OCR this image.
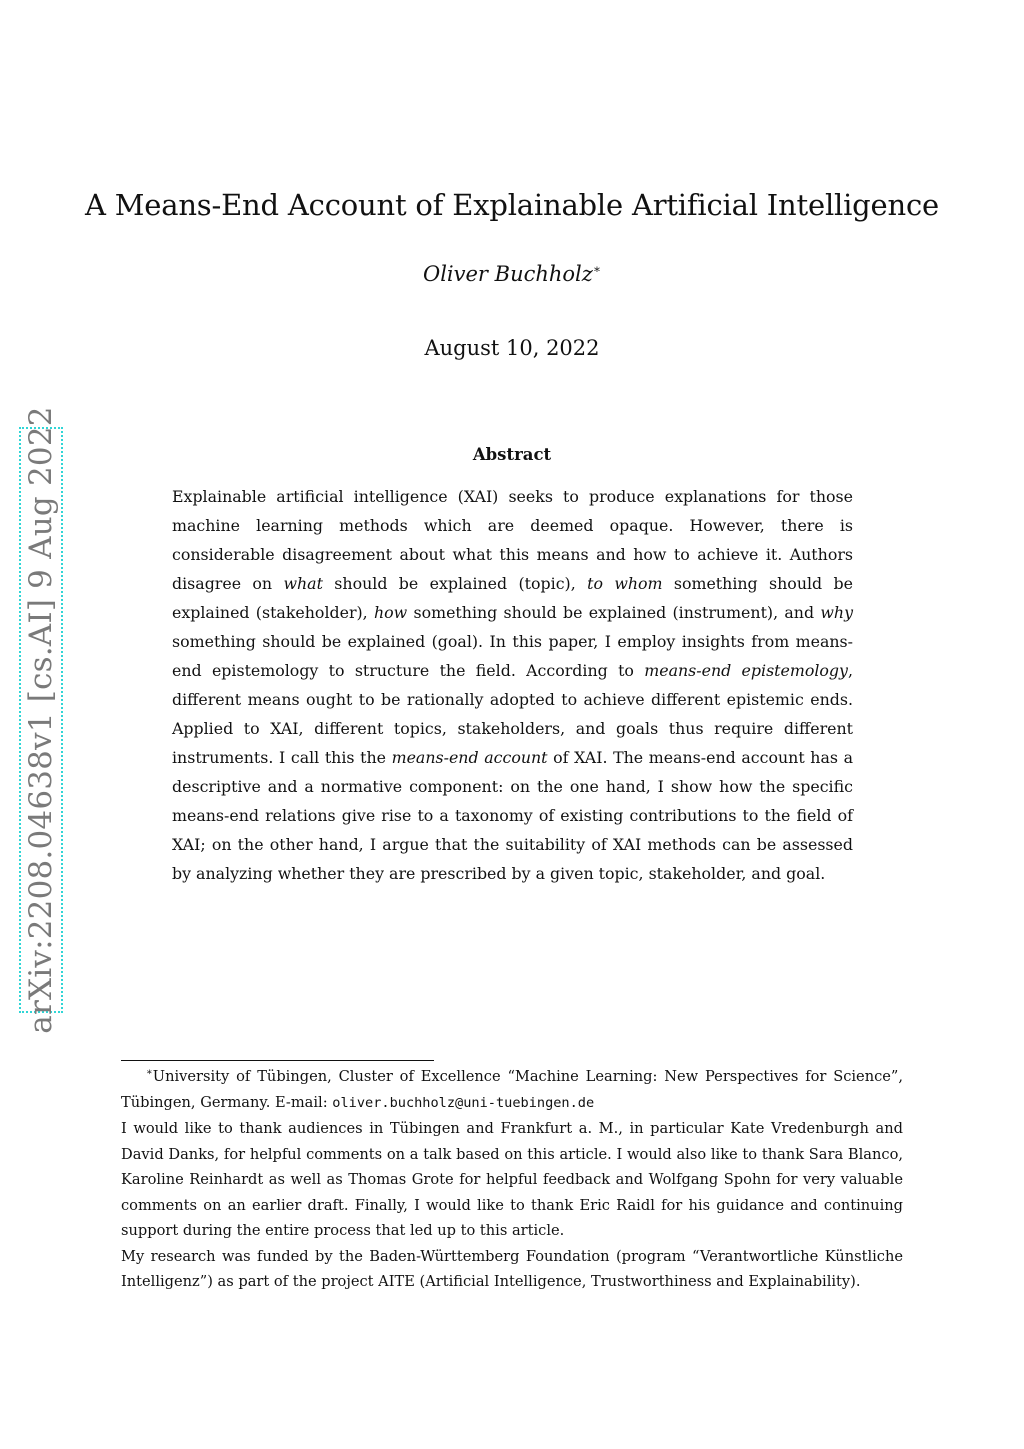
A Means-End Account of Explainable Artificial Intelligence
Oliver Buchholz∗
August 10, 2022
arXiv:2208.04638v1 [cs.AI] 9 Aug 2022	Abstract

Explainable artificial intelligence (XAI) seeks to produce explanations for those machine learning methods which are deemed opaque. However, there is considerable disagreement about what this means and how to achieve it. Authors disagree on what should be explained (topic), to whom something should be explained (stakeholder), how something should be explained (instrument), and why something should be explained (goal). In this paper, I employ insights from means-end epistemology to structure the field. According to means-end epistemology, different means ought to be rationally adopted to achieve different epistemic ends. Applied to XAI, different topics, stakeholders, and goals thus require different instruments. I call this the means-end account of XAI. The means-end account has a descriptive and a normative component: on the one hand, I show how the specific means-end relations give rise to a taxonomy of existing contributions to the field of XAI; on the other hand, I argue that the suitability of XAI methods can be assessed by analyzing whether they are prescribed by a given topic, stakeholder, and goal.

∗University of Tübingen, Cluster of Excellence “Machine Learning: New Perspectives for Science”, Tübingen, Germany. E-mail: oliver.buchholz@uni-tuebingen.de

I would like to thank audiences in Tübingen and Frankfurt a. M., in particular Kate Vredenburgh and David Danks, for helpful comments on a talk based on this article. I would also like to thank Sara Blanco, Karoline Reinhardt as well as Thomas Grote for helpful feedback and Wolfgang Spohn for very valuable comments on an earlier draft. Finally, I would like to thank Eric Raidl for his guidance and continuing support during the entire process that led up to this article.

My research was funded by the Baden-Württemberg Foundation (program “Verantwortliche Künstliche Intelligenz”) as part of the project AITE (Artificial Intelligence, Trustworthiness and Explainability).
